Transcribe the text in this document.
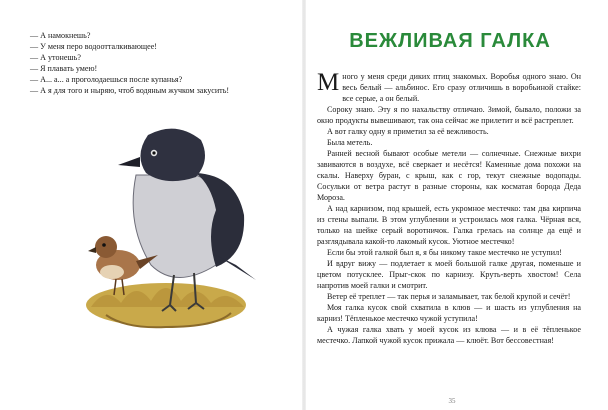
— А намокнешь?
— У меня перо водоотталкивающее!
— А утонешь?
— Я плавать умею!
— А... а... а проголодаешься после купанья?
— А я для того и ныряю, чтоб водяным жучком закусить!
ВЕЖЛИВАЯ ГАЛКА

Много у меня среди диких птиц знакомых. Воробья одного знаю. Он весь белый — альбинос. Его сразу отличишь в воробьиной стайке: все серые, а он белый.

Сороку знаю. Эту я по нахальству отличаю. Зимой, бывало, положи за окно продукты вывешивают, так она сейчас же прилетит и всё растреплет.

А вот галку одну я приметил за её вежливость.

Была метель.

Ранней весной бывают особые метели — солнечные. Снежные вихри завиваются в воздухе, всё сверкает и несётся! Каменные дома похожи на скалы. Наверху буран, с крыш, как с гор, текут снежные водопады. Сосульки от ветра растут в разные стороны, как косматая борода Деда Мороза.

А над карнизом, под крышей, есть укромное местечко: там два кирпича из стены выпали. В этом углублении и устроилась моя галка. Чёрная вся, только на шейке серый воротничок. Галка грелась на солнце да ещё и разглядывала какой-то лакомый кусок. Уютное местечко!

Если бы этой галкой был я, я бы никому такое местечко не уступил!

И вдруг вижу — подлетает к моей большой галке другая, поменьше и цветом потусклее. Прыг-скок по карнизу. Круть-верть хвостом! Села напротив моей галки и смотрит.

Ветер её треплет — так перья и заламывает, так белой крупой и сечёт!

Моя галка кусок свой схватила в клюв — и шасть из углубления на карниз! Тёпленькое местечко чужой уступила!

А чужая галка хвать у моей кусок из клюва — и в её тёпленькое местечко. Лапкой чужой кусок прижала — клюёт. Вот бессовестная!

35
